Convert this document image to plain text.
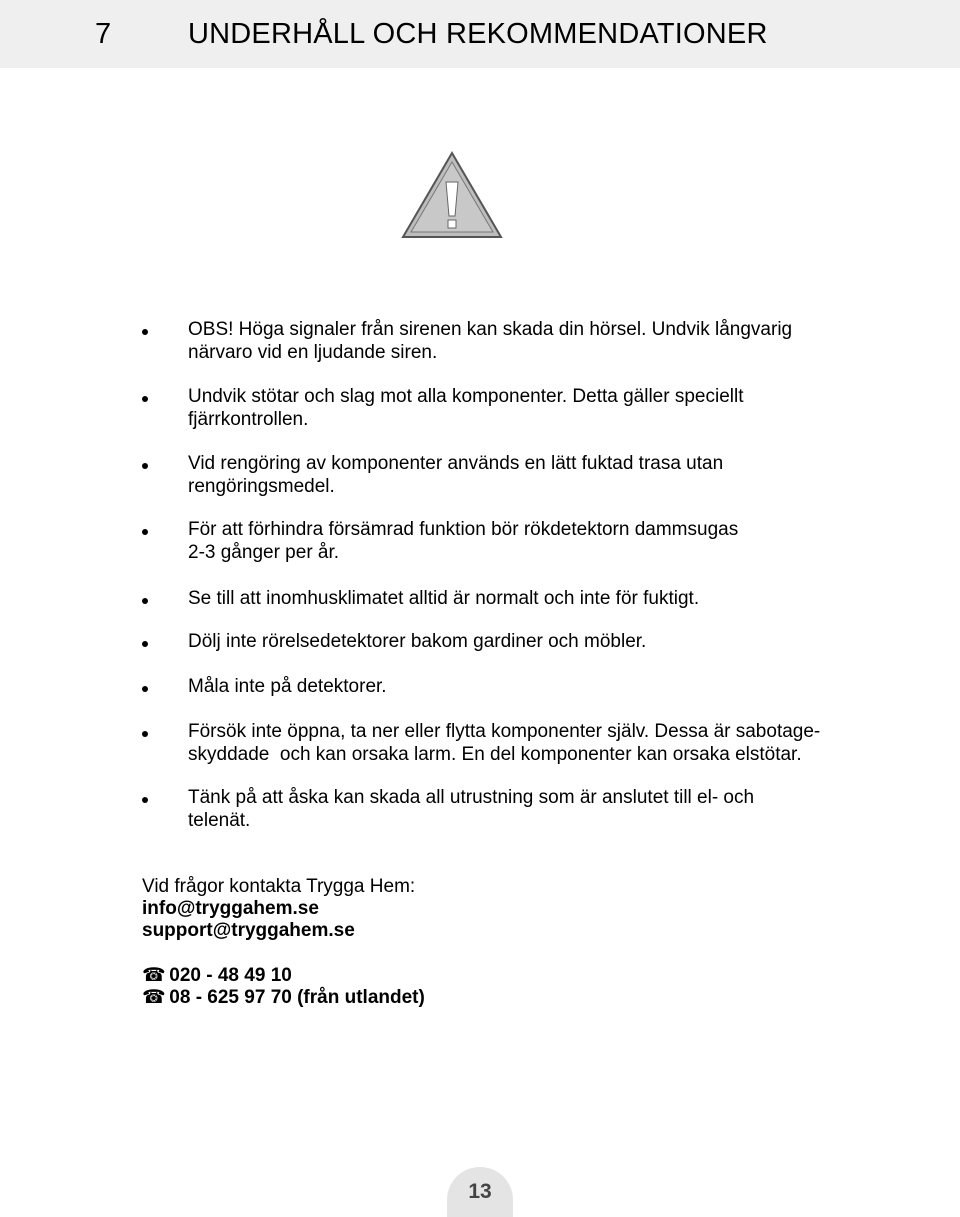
7	UNDERHÅLL OCH REKOMMENDATIONER
OBS! Höga signaler från sirenen kan skada din hörsel. Undvik långvarig
närvaro vid en ljudande siren.
Undvik stötar och slag mot alla komponenter. Detta gäller speciellt
fjärrkontrollen.
Vid rengöring av komponenter används en lätt fuktad trasa utan
rengöringsmedel.
För att förhindra försämrad funktion bör rökdetektorn dammsugas
2-3 gånger per år.
Se till att inomhusklimatet alltid är normalt och inte för fuktigt.
Dölj inte rörelsedetektorer bakom gardiner och möbler.
Måla inte på detektorer.
Försök inte öppna, ta ner eller flytta komponenter själv. Dessa är sabotage-
skyddade  och kan orsaka larm. En del komponenter kan orsaka elstötar.
Tänk på att åska kan skada all utrustning som är anslutet till el- och
telenät.
Vid frågor kontakta Trygga Hem:
info@tryggahem.se
support@tryggahem.se
☎ 020 - 48 49 10
☎ 08 - 625 97 70 (från utlandet)
13
